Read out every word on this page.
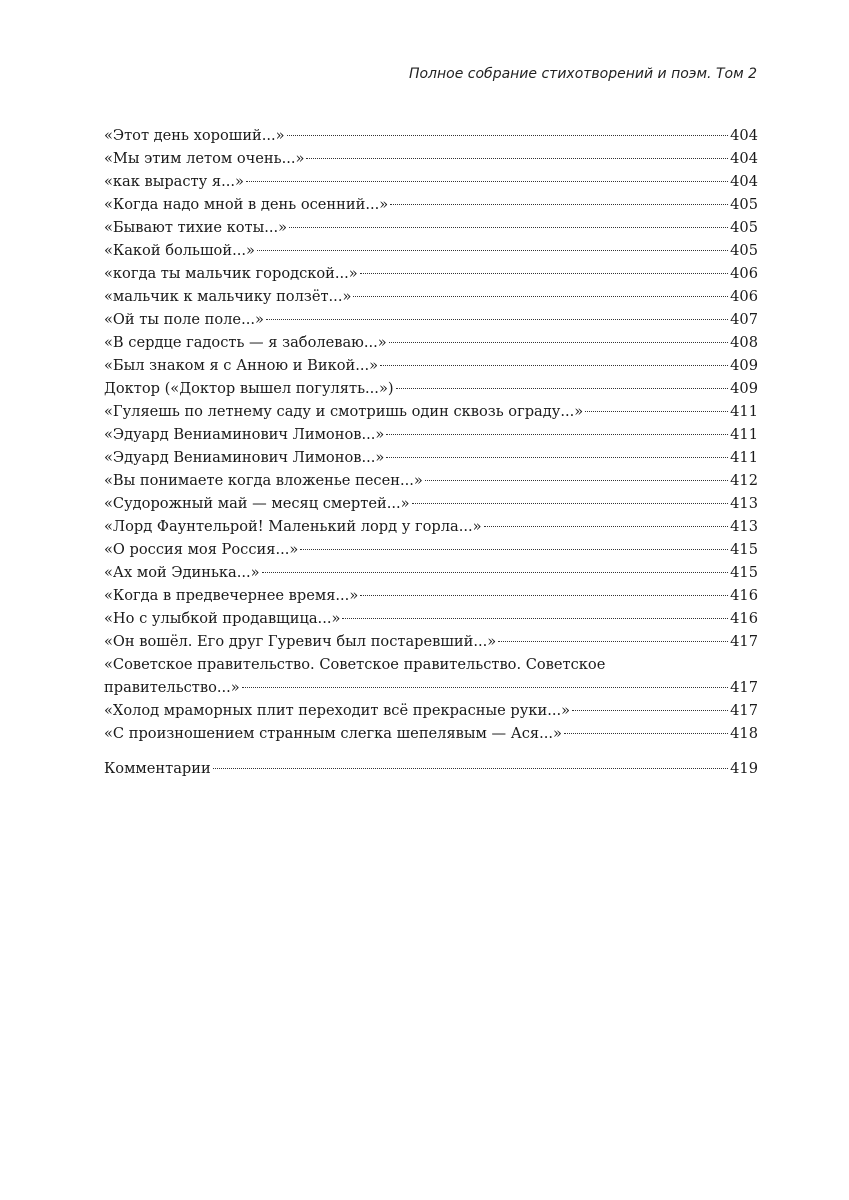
Полное собрание стихотворений и поэм. Том 2
«Этот день хороший...»	404
«Мы этим летом очень...»	404
«как вырасту я...»	404
«Когда надо мной в день осенний...»	405
«Бывают тихие коты...»	405
«Какой большой...»	405
«когда ты мальчик городской...»	406
«мальчик к мальчику ползёт...»	406
«Ой ты поле поле...»	407
«В сердце гадость — я заболеваю...»	408
«Был знаком я с Анною и Викой...»	409
Доктор («Доктор вышел погулять...»)	409
«Гуляешь по летнему саду и смотришь один сквозь ограду...»	411
«Эдуард Вениаминович Лимонов...»	411
«Эдуард Вениаминович Лимонов...»	411
«Вы понимаете когда вложенье песен...»	412
«Судорожный май — месяц смертей...»	413
«Лорд Фаунтельрой! Маленький лорд у горла...»	413
«О россия моя Россия...»	415
«Ах мой Эдинька...»	415
«Когда в предвечернее время...»	416
«Но с улыбкой продавщица...»	416
«Он вошёл. Его друг Гуревич был постаревший...»	417
«Советское правительство. Советское правительство. Советское
правительство...»	417
«Холод мраморных плит переходит всё прекрасные руки...»	417
«С произношением странным слегка шепелявым — Ася...»	418
Комментарии	419
